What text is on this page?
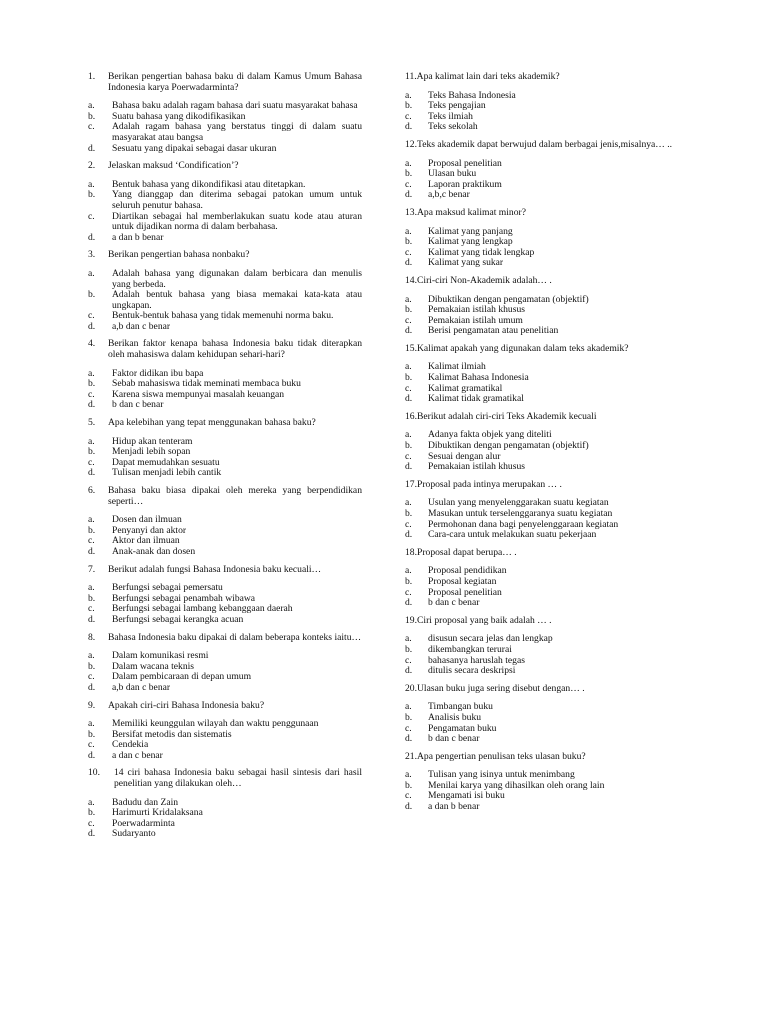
1.	Berikan pengertian bahasa baku di dalam Kamus Umum Bahasa Indonesia karya Poerwadarminta?
a.	Bahasa baku adalah ragam bahasa dari suatu masyarakat bahasa
b.	Suatu bahasa yang dikodifikasikan
c.	Adalah ragam bahasa yang berstatus tinggi di dalam suatu masyarakat atau bangsa
d.	Sesuatu yang dipakai sebagai dasar ukuran
2.	Jelaskan maksud ‘Condification’?
a.	Bentuk bahasa yang dikondifikasi atau ditetapkan.
b.	Yang dianggap dan diterima sebagai patokan umum untuk seluruh penutur bahasa.
c.	Diartikan sebagai hal memberlakukan suatu kode atau aturan untuk dijadikan norma di dalam berbahasa.
d.	a dan b benar
3.	Berikan pengertian bahasa nonbaku?
a.	Adalah bahasa yang digunakan dalam berbicara dan menulis yang berbeda.
b.	Adalah bentuk bahasa yang biasa memakai kata-kata atau ungkapan.
c.	Bentuk-bentuk bahasa yang tidak memenuhi norma baku.
d.	a,b dan c benar
4.	Berikan faktor kenapa bahasa Indonesia baku tidak diterapkan oleh mahasiswa dalam kehidupan sehari-hari?
a.	Faktor didikan ibu bapa
b.	Sebab mahasiswa tidak meminati membaca buku
c.	Karena siswa mempunyai masalah keuangan
d.	b dan c benar
5.	Apa kelebihan yang tepat menggunakan bahasa baku?
a.	Hidup akan tenteram
b.	Menjadi lebih sopan
c.	Dapat memudahkan sesuatu
d.	Tulisan menjadi lebih cantik
6.	Bahasa baku biasa dipakai oleh mereka yang berpendidikan seperti…
a.	Dosen dan ilmuan
b.	Penyanyi dan aktor
c.	Aktor dan ilmuan
d.	Anak-anak dan dosen
7.	Berikut adalah fungsi Bahasa Indonesia baku kecuali…
a.	Berfungsi sebagai pemersatu
b.	Berfungsi sebagai penambah wibawa
c.	Berfungsi sebagai lambang kebanggaan daerah
d.	Berfungsi sebagai kerangka acuan
8.	Bahasa Indonesia baku dipakai di dalam beberapa konteks iaitu…
a.	Dalam komunikasi resmi
b.	Dalam wacana teknis
c.	Dalam pembicaraan di depan umum
d.	a,b dan c benar
9.	Apakah ciri-ciri Bahasa Indonesia baku?
a.	Memiliki keunggulan wilayah dan waktu penggunaan
b.	Bersifat metodis dan sistematis
c.	Cendekia
d.	a dan c benar
10.	14 ciri bahasa Indonesia baku sebagai hasil sintesis dari hasil penelitian yang dilakukan oleh…
a.	Badudu dan Zain
b.	Harimurti Kridalaksana
c.	Poerwadarminta
d.	Sudaryanto
11. Apa kalimat lain dari teks akademik?
a.	Teks Bahasa Indonesia
b.	Teks pengajian
c.	Teks ilmiah
d.	Teks sekolah
12. Teks akademik dapat berwujud dalam berbagai jenis,misalnya… ..
a.	Proposal penelitian
b.	Ulasan buku
c.	Laporan praktikum
d.	a,b,c benar
13. Apa maksud kalimat minor?
a.	Kalimat yang panjang
b.	Kalimat yang lengkap
c.	Kalimat yang tidak lengkap
d.	Kalimat yang sukar
14. Ciri-ciri Non-Akademik adalah… .
a.	Dibuktikan dengan pengamatan (objektif)
b.	Pemakaian istilah khusus
c.	Pemakaian istilah umum
d.	Berisi pengamatan atau penelitian
15. Kalimat apakah yang digunakan dalam teks akademik?
a.	Kalimat ilmiah
b.	Kalimat Bahasa Indonesia
c.	Kalimat gramatikal
d.	Kalimat tidak gramatikal
16. Berikut adalah ciri-ciri Teks Akademik kecuali
a.	Adanya fakta objek yang diteliti
b.	Dibuktikan dengan pengamatan (objektif)
c.	Sesuai dengan alur
d.	Pemakaian istilah khusus
17. Proposal pada intinya merupakan … .
a.	Usulan yang menyelenggarakan suatu kegiatan
b.	Masukan untuk terselenggaranya suatu kegiatan
c.	Permohonan dana bagi penyelenggaraan kegiatan
d.	Cara-cara untuk melakukan suatu pekerjaan
18. Proposal dapat berupa… .
a.	Proposal pendidikan
b.	Proposal kegiatan
c.	Proposal penelitian
d.	b dan c benar
19. Ciri proposal yang baik adalah … .
a.	disusun secara jelas dan lengkap
b.	dikembangkan terurai
c.	bahasanya haruslah tegas
d.	ditulis secara deskripsi
20. Ulasan buku juga sering disebut dengan… .
a.	Timbangan buku
b.	Analisis buku
c.	Pengamatan buku
d.	b dan c benar
21. Apa pengertian penulisan teks ulasan buku?
a.	Tulisan yang isinya untuk menimbang
b.	Menilai karya yang dihasilkan oleh orang lain
c.	Mengamati isi buku
d.	a dan b benar
